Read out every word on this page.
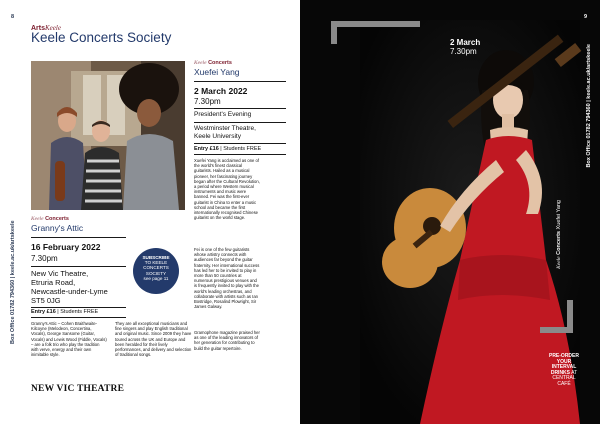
8
Box Office 01782 794360 | keele.ac.uk/artskeele
ArtsKeele
Keele Concerts Society
Keele Concerts
Granny's Attic
16 February 2022
7.30pm
New Vic Theatre,
Etruria Road,
Newcastle-under-Lyme
ST5 0JG
Entry £16 | Students FREE
Granny's Attic – Cohen Braithwaite-Kilcoyne (Melodeon, Concertina, Vocals), George Sansome (Guitar, Vocals) and Lewis Wood (Fiddle, Vocals) – are a folk trio who play the tradition with verve, energy and their own inimitable style.
They are all exceptional musicians and fine singers and play English traditional and original music. Since 2009 they have toured across the UK and Europe and been heralded for their lively performances, and delivery and selection of traditional songs.
SUBSCRIBE
TO KEELE
CONCERTS
SOCIETY
see page 11
NEW VIC THEATRE
Keele Concerts
Xuefei Yang
2 March 2022
7.30pm
President's Evening
Westminster Theatre,
Keele University
Entry £16 | Students FREE
Xuefei Yang is acclaimed as one of the world's finest classical guitarists. Hailed as a musical pioneer, her fascinating journey began after the Cultural Revolution, a period where Western musical instruments and music were banned. Fei was the first-ever guitarist in China to enter a music school and became the first internationally recognised Chinese guitarist on the world stage.
Fei is one of the few guitarists whose artistry connects with audiences far beyond the guitar fraternity. Her international success has led her to be invited to play in more than 50 countries at numerous prestigious venues and is frequently invited to play with the world's leading orchestras, and collaborate with artists such as Ian Bostridge, Rosalind Plowright, Sir James Galway.
Gramophone magazine praised her as one of the leading innovators of her generation for contributing to build the guitar repertoire.
9
Box Office 01782 794360 | keele.ac.uk/artskeele
2 March
7.30pm
Keele Concerts Xuefei Yang
PRE-ORDER
YOUR
INTERVAL
DRINKS AT
CENTRAL
CAFÉ
